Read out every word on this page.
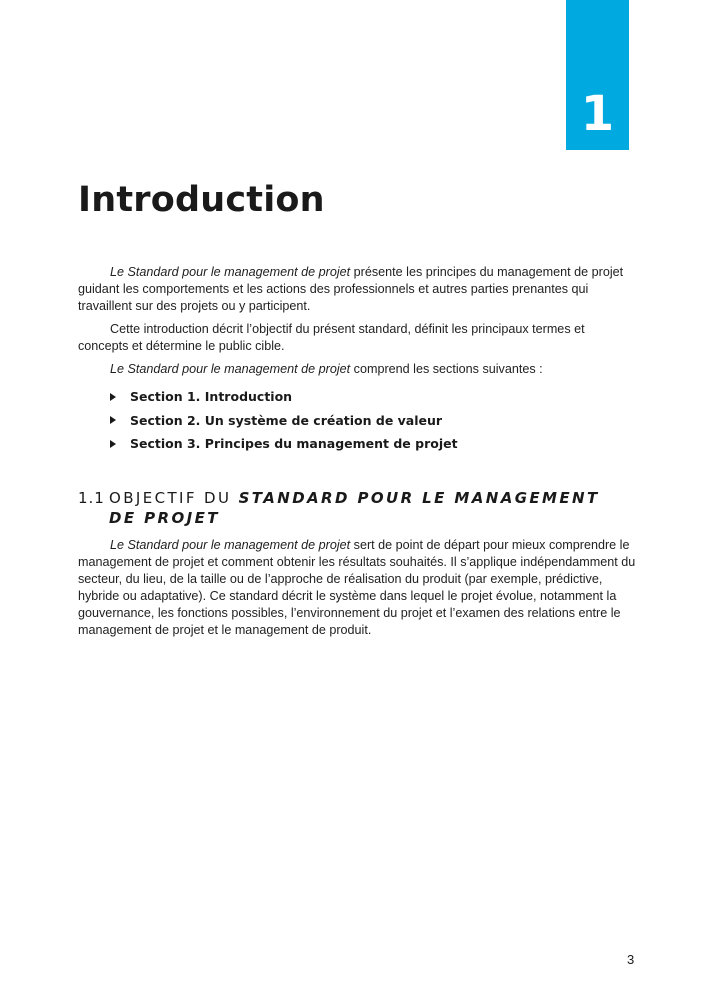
1
Introduction

Le Standard pour le management de projet présente les principes du management de projet guidant les comportements et les actions des professionnels et autres parties prenantes qui travaillent sur des projets ou y participent.

Cette introduction décrit l’objectif du présent standard, définit les principaux termes et concepts et détermine le public cible.

Le Standard pour le management de projet comprend les sections suivantes :

Section 1. Introduction
Section 2. Un système de création de valeur
Section 3. Principes du management de projet
1.1 OBJECTIF DU STANDARD POUR LE MANAGEMENT
DE PROJET

Le Standard pour le management de projet sert de point de départ pour mieux comprendre le management de projet et comment obtenir les résultats souhaités. Il s’applique indépendamment du secteur, du lieu, de la taille ou de l’approche de réalisation du produit (par exemple, prédictive, hybride ou adaptative). Ce standard décrit le système dans lequel le projet évolue, notamment la gouvernance, les fonctions possibles, l’environnement du projet et l’examen des relations entre le management de projet et le management de produit.

3
